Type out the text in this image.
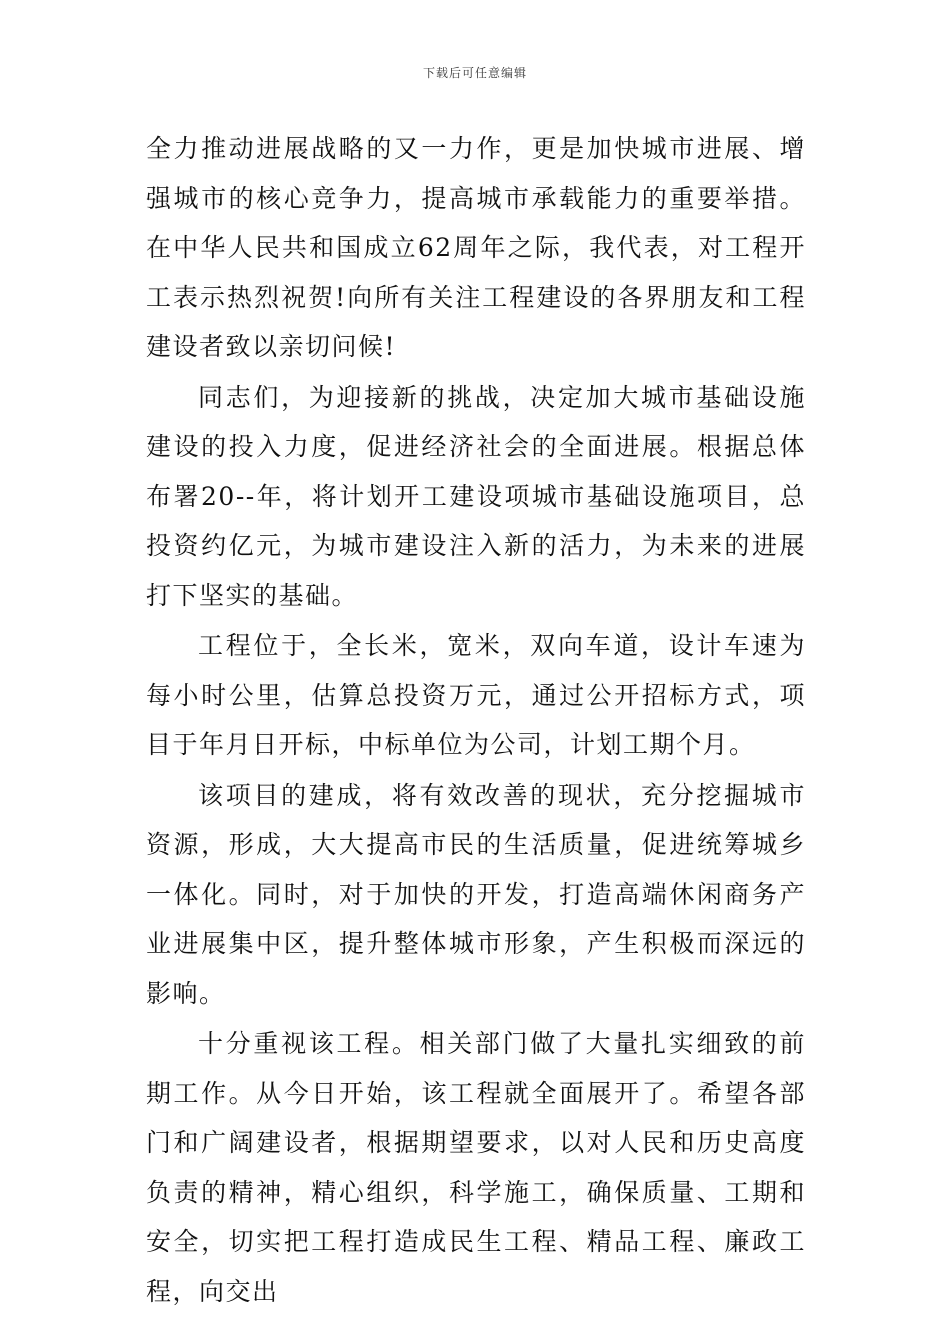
下载后可任意编辑

全力推动进展战略的又一力作，更是加快城市进展、增强城市的核心竞争力，提高城市承载能力的重要举措。在中华人民共和国成立62周年之际，我代表，对工程开工表示热烈祝贺!向所有关注工程建设的各界朋友和工程建设者致以亲切问候!

同志们，为迎接新的挑战，决定加大城市基础设施建设的投入力度，促进经济社会的全面进展。根据总体布署20--年，将计划开工建设项城市基础设施项目，总投资约亿元，为城市建设注入新的活力，为未来的进展打下坚实的基础。

工程位于，全长米，宽米，双向车道，设计车速为每小时公里，估算总投资万元，通过公开招标方式，项目于年月日开标，中标单位为公司，计划工期个月。

该项目的建成，将有效改善的现状，充分挖掘城市资源，形成，大大提高市民的生活质量，促进统筹城乡一体化。同时，对于加快的开发，打造高端休闲商务产业进展集中区，提升整体城市形象，产生积极而深远的影响。

十分重视该工程。相关部门做了大量扎实细致的前期工作。从今日开始，该工程就全面展开了。希望各部门和广阔建设者，根据期望要求，以对人民和历史高度负责的精神，精心组织，科学施工，确保质量、工期和安全，切实把工程打造成民生工程、精品工程、廉政工程，向交出
